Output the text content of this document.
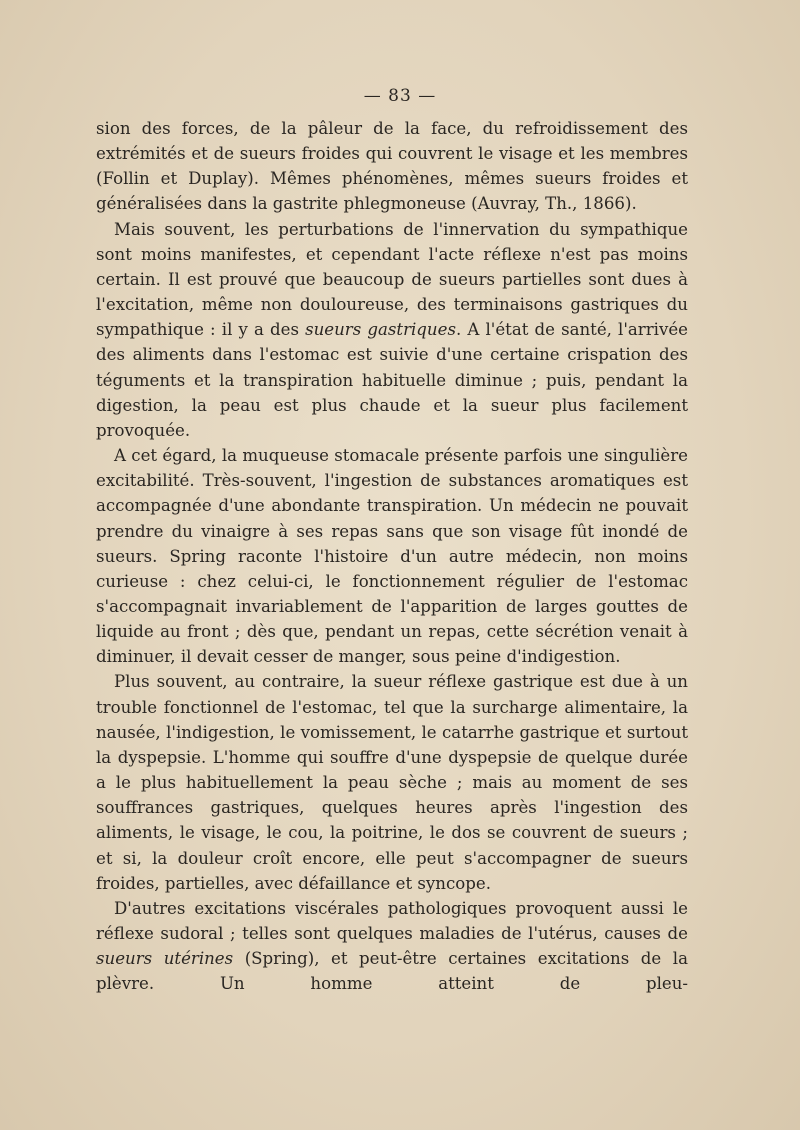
— 83 —

sion des forces, de la pâleur de la face, du refroidissement des extrémités et de sueurs froides qui couvrent le visage et les membres (Follin et Duplay). Mêmes phénomènes, mêmes sueurs froides et généralisées dans la gastrite phlegmoneuse (Auvray, Th., 1866).

Mais souvent, les perturbations de l'innervation du sympathique sont moins manifestes, et cependant l'acte réflexe n'est pas moins certain. Il est prouvé que beaucoup de sueurs partielles sont dues à l'excitation, même non douloureuse, des terminaisons gastriques du sympathique : il y a des sueurs gastriques. A l'état de santé, l'arrivée des aliments dans l'estomac est suivie d'une certaine crispation des téguments et la transpiration habituelle diminue ; puis, pendant la digestion, la peau est plus chaude et la sueur plus facilement provoquée.

A cet égard, la muqueuse stomacale présente parfois une singulière excitabilité. Très-souvent, l'ingestion de substances aromatiques est accompagnée d'une abondante transpiration. Un médecin ne pouvait prendre du vinaigre à ses repas sans que son visage fût inondé de sueurs. Spring raconte l'histoire d'un autre médecin, non moins curieuse : chez celui-ci, le fonctionnement régulier de l'estomac s'accompagnait invariablement de l'apparition de larges gouttes de liquide au front ; dès que, pendant un repas, cette sécrétion venait à diminuer, il devait cesser de manger, sous peine d'indigestion.

Plus souvent, au contraire, la sueur réflexe gastrique est due à un trouble fonctionnel de l'estomac, tel que la surcharge alimentaire, la nausée, l'indigestion, le vomissement, le catarrhe gastrique et surtout la dyspepsie. L'homme qui souffre d'une dyspepsie de quelque durée a le plus habituellement la peau sèche ; mais au moment de ses souffrances gastriques, quelques heures après l'ingestion des aliments, le visage, le cou, la poitrine, le dos se couvrent de sueurs ; et si, la douleur croît encore, elle peut s'accompagner de sueurs froides, partielles, avec défaillance et syncope.

D'autres excitations viscérales pathologiques provoquent aussi le réflexe sudoral ; telles sont quelques maladies de l'utérus, causes de sueurs utérines (Spring), et peut-être certaines excitations de la plèvre. Un homme atteint de pleu-
